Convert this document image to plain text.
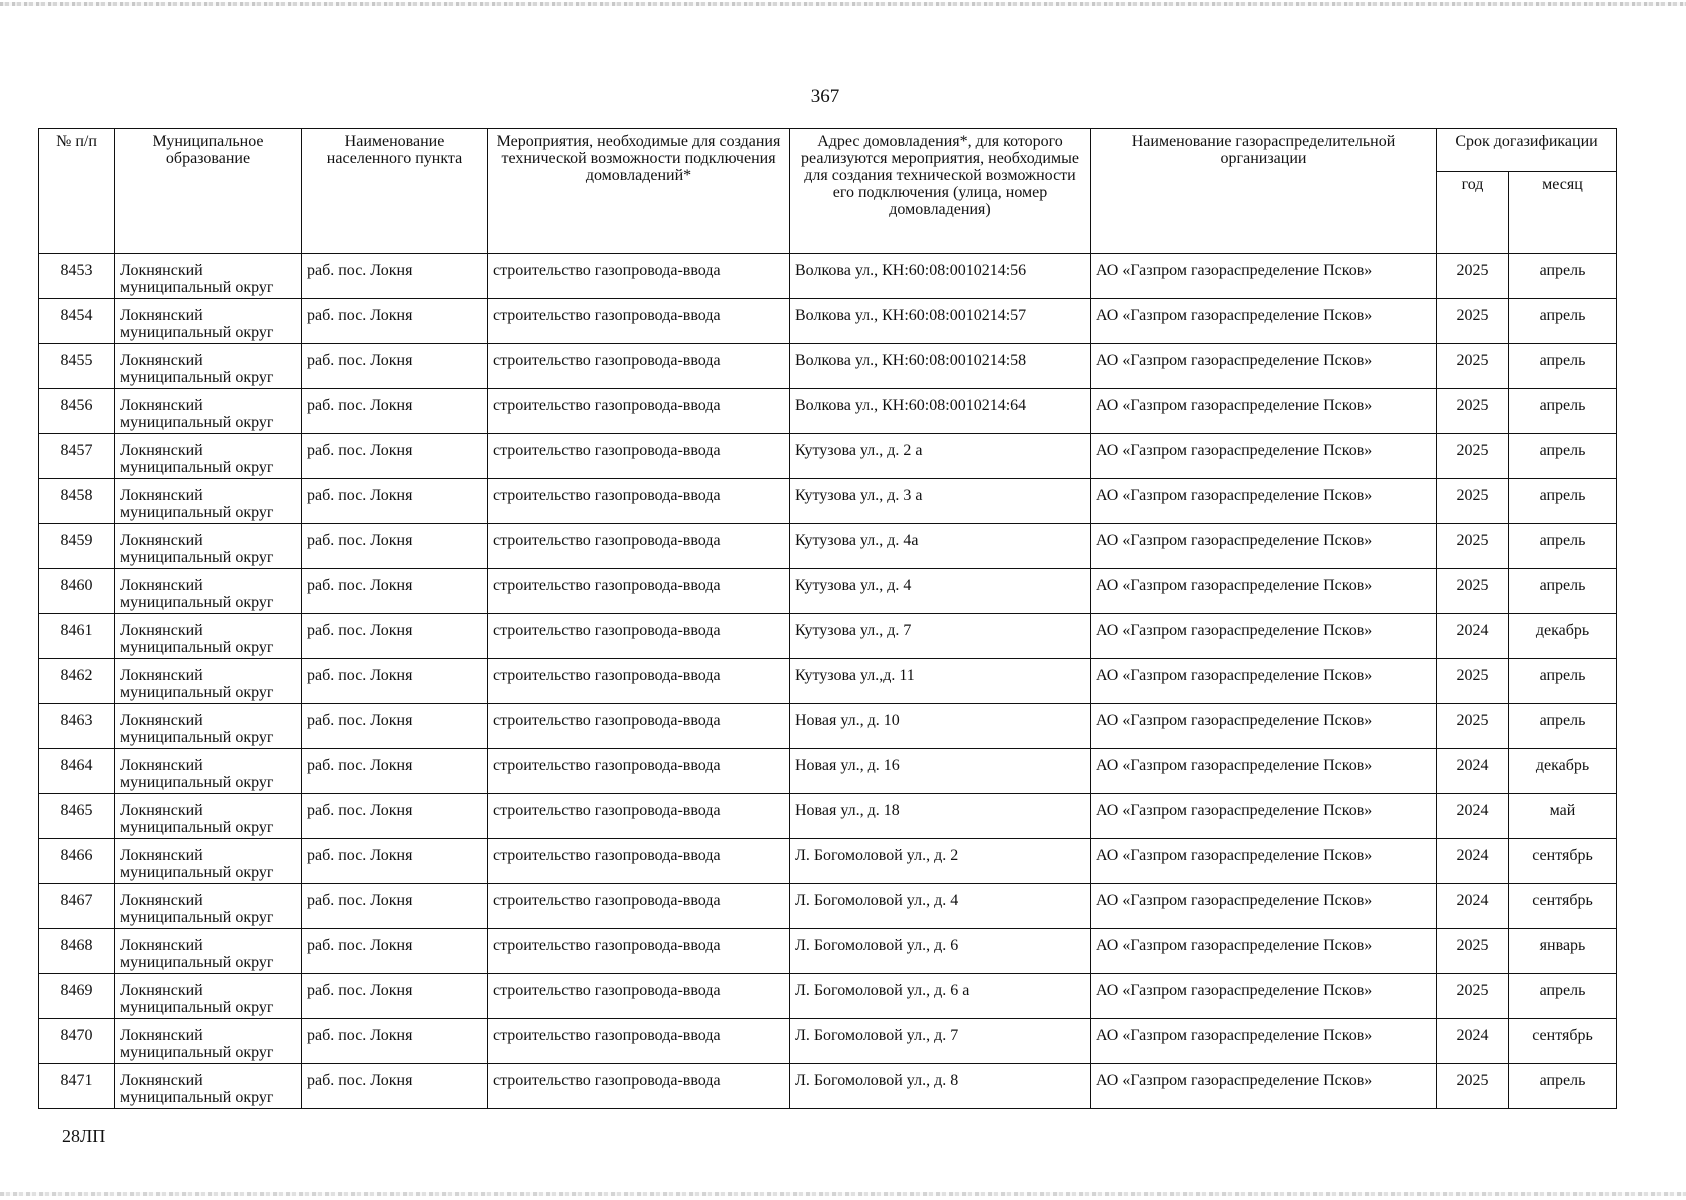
367
№ п/п	Муниципальное образование	Наименование населенного пункта	Мероприятия, необходимые для создания технической возможности подключения домовладений*	Адрес домовладения*, для которого реализуются мероприятия, необходимые для создания технической возможности его подключения (улица, номер домовладения)	Наименование газораспределительной организации	Срок догазификации	
						год	месяц
8453	Локнянский муниципальный округ	раб. пос. Локня	строительство газопровода-ввода	Волкова ул., КН:60:08:0010214:56	АО «Газпром газораспределение Псков»	2025	апрель
8454	Локнянский муниципальный округ	раб. пос. Локня	строительство газопровода-ввода	Волкова ул., КН:60:08:0010214:57	АО «Газпром газораспределение Псков»	2025	апрель
8455	Локнянский муниципальный округ	раб. пос. Локня	строительство газопровода-ввода	Волкова ул., КН:60:08:0010214:58	АО «Газпром газораспределение Псков»	2025	апрель
8456	Локнянский муниципальный округ	раб. пос. Локня	строительство газопровода-ввода	Волкова ул., КН:60:08:0010214:64	АО «Газпром газораспределение Псков»	2025	апрель
8457	Локнянский муниципальный округ	раб. пос. Локня	строительство газопровода-ввода	Кутузова ул., д. 2 а	АО «Газпром газораспределение Псков»	2025	апрель
8458	Локнянский муниципальный округ	раб. пос. Локня	строительство газопровода-ввода	Кутузова ул., д. 3 а	АО «Газпром газораспределение Псков»	2025	апрель
8459	Локнянский муниципальный округ	раб. пос. Локня	строительство газопровода-ввода	Кутузова ул., д. 4а	АО «Газпром газораспределение Псков»	2025	апрель
8460	Локнянский муниципальный округ	раб. пос. Локня	строительство газопровода-ввода	Кутузова ул., д. 4	АО «Газпром газораспределение Псков»	2025	апрель
8461	Локнянский муниципальный округ	раб. пос. Локня	строительство газопровода-ввода	Кутузова ул., д. 7	АО «Газпром газораспределение Псков»	2024	декабрь
8462	Локнянский муниципальный округ	раб. пос. Локня	строительство газопровода-ввода	Кутузова ул.,д. 11	АО «Газпром газораспределение Псков»	2025	апрель
8463	Локнянский муниципальный округ	раб. пос. Локня	строительство газопровода-ввода	Новая ул., д. 10	АО «Газпром газораспределение Псков»	2025	апрель
8464	Локнянский муниципальный округ	раб. пос. Локня	строительство газопровода-ввода	Новая ул., д. 16	АО «Газпром газораспределение Псков»	2024	декабрь
8465	Локнянский муниципальный округ	раб. пос. Локня	строительство газопровода-ввода	Новая ул., д. 18	АО «Газпром газораспределение Псков»	2024	май
8466	Локнянский муниципальный округ	раб. пос. Локня	строительство газопровода-ввода	Л. Богомоловой ул., д. 2	АО «Газпром газораспределение Псков»	2024	сентябрь
8467	Локнянский муниципальный округ	раб. пос. Локня	строительство газопровода-ввода	Л. Богомоловой ул., д. 4	АО «Газпром газораспределение Псков»	2024	сентябрь
8468	Локнянский муниципальный округ	раб. пос. Локня	строительство газопровода-ввода	Л. Богомоловой ул., д. 6	АО «Газпром газораспределение Псков»	2025	январь
8469	Локнянский муниципальный округ	раб. пос. Локня	строительство газопровода-ввода	Л. Богомоловой ул., д. 6 а	АО «Газпром газораспределение Псков»	2025	апрель
8470	Локнянский муниципальный округ	раб. пос. Локня	строительство газопровода-ввода	Л. Богомоловой ул., д. 7	АО «Газпром газораспределение Псков»	2024	сентябрь
8471	Локнянский муниципальный округ	раб. пос. Локня	строительство газопровода-ввода	Л. Богомоловой ул., д. 8	АО «Газпром газораспределение Псков»	2025	апрель
28ЛП
